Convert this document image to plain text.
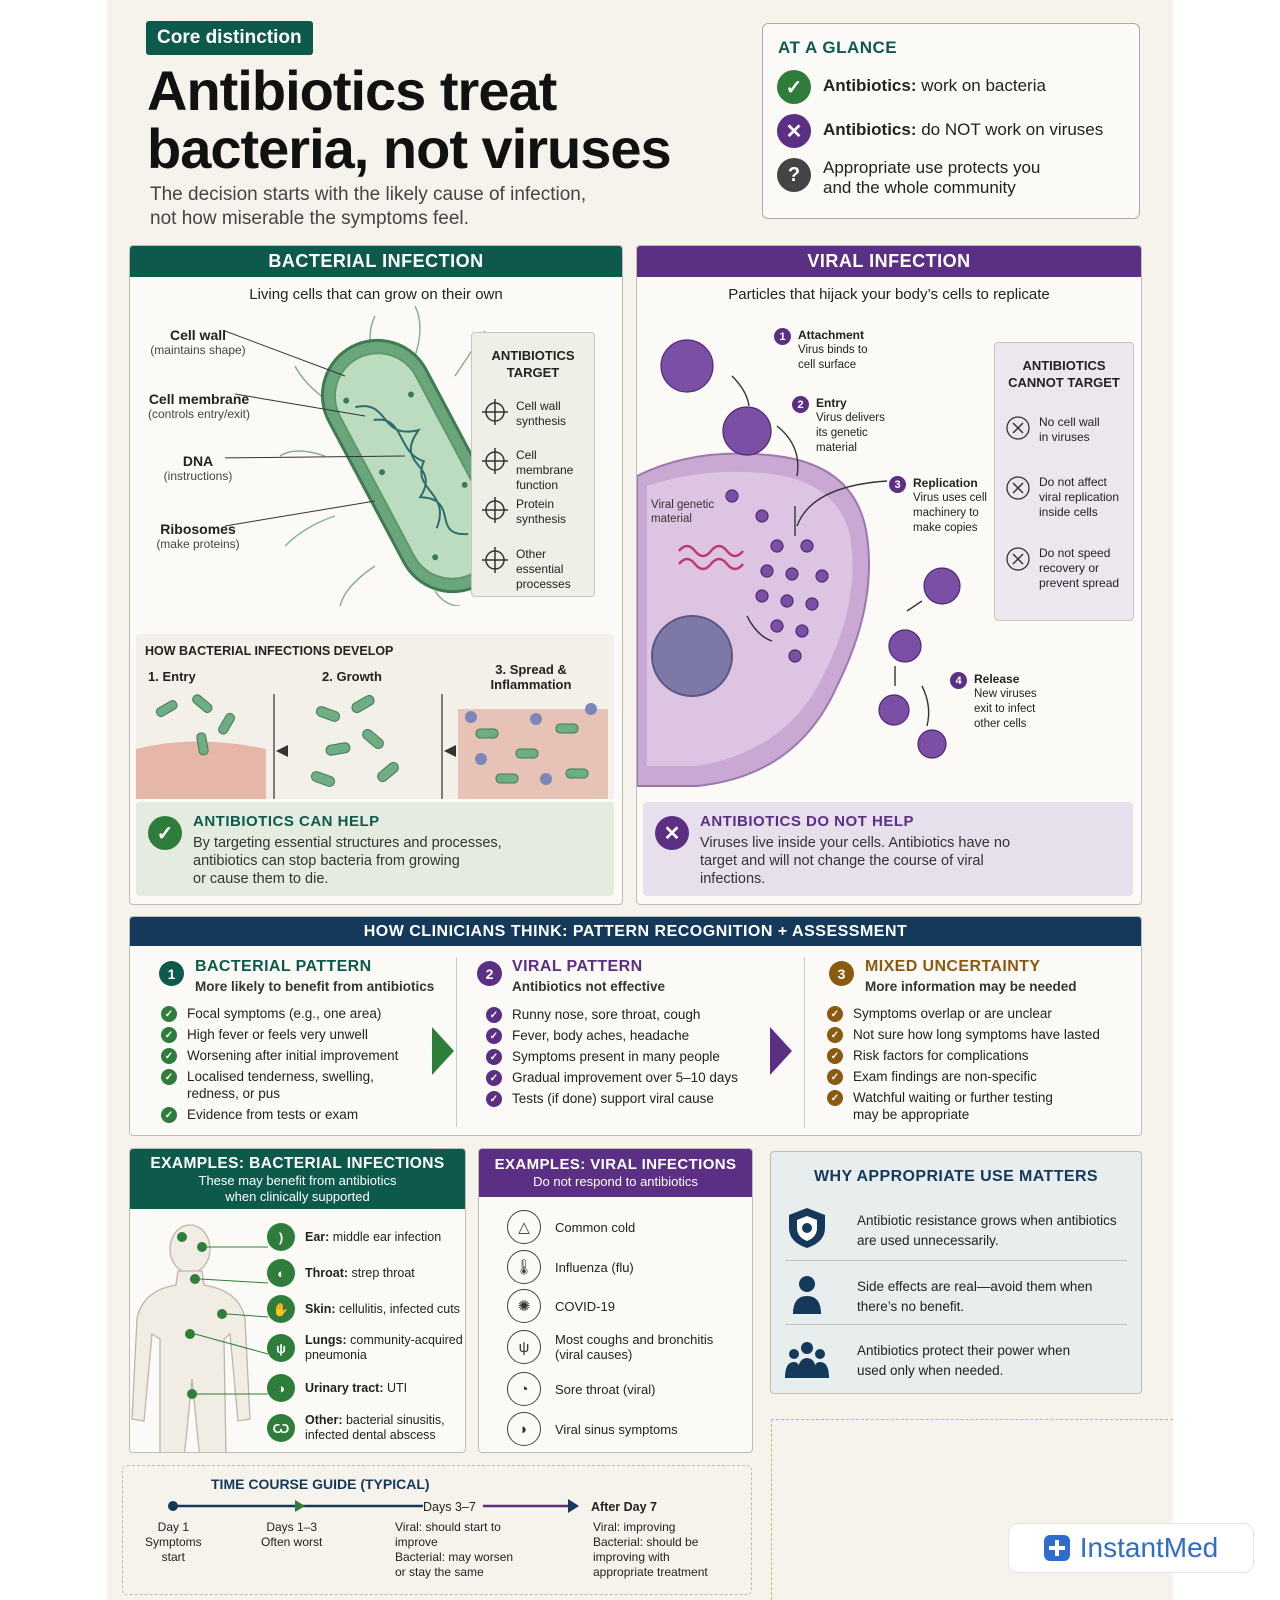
Core distinction
Antibiotics treat
bacteria, not viruses
The decision starts with the likely cause of infection,
not how miserable the symptoms feel.
AT A GLANCE
✓	Antibiotics: work on bacteria
✕	Antibiotics: do NOT work on viruses
?	Appropriate use protects you
and the whole community
BACTERIAL INFECTION
Living cells that can grow on their own
Cell wall
(maintains shape)
Cell membrane
(controls entry/exit)
DNA
(instructions)
Ribosomes
(make proteins)
ANTIBIOTICS
TARGET
Cell wall
synthesis
Cell membrane
function
Protein
synthesis
Other essential
processes
HOW BACTERIAL INFECTIONS DEVELOP
1. Entry	2. Growth	3. Spread &
Inflammation
✓
ANTIBIOTICS CAN HELP

By targeting essential structures and processes,
antibiotics can stop bacteria from growing
or cause them to die.

VIRAL INFECTION
Particles that hijack your body’s cells to replicate
Viral genetic
material
1	Attachment
Virus binds to
cell surface
2	Entry
Virus delivers
its genetic
material
3	Replication
Virus uses cell
machinery to
make copies
4	Release
New viruses
exit to infect
other cells
ANTIBIOTICS
CANNOT TARGET
No cell wall
in viruses
Do not affect
viral replication
inside cells
Do not speed
recovery or
prevent spread
✕
ANTIBIOTICS DO NOT HELP

Viruses live inside your cells. Antibiotics have no
target and will not change the course of viral
infections.

HOW CLINICIANS THINK: PATTERN RECOGNITION + ASSESSMENT
1	BACTERIAL PATTERN
More likely to benefit from antibiotics
✓ Focal symptoms (e.g., one area)
✓ High fever or feels very unwell
✓ Worsening after initial improvement
✓ Localised tenderness, swelling,
redness, or pus
✓ Evidence from tests or exam
2	VIRAL PATTERN
Antibiotics not effective
✓ Runny nose, sore throat, cough
✓ Fever, body aches, headache
✓ Symptoms present in many people
✓ Gradual improvement over 5–10 days
✓ Tests (if done) support viral cause
3	MIXED UNCERTAINTY
More information may be needed
✓ Symptoms overlap or are unclear
✓ Not sure how long symptoms have lasted
✓ Risk factors for complications
✓ Exam findings are non-specific
✓ Watchful waiting or further testing
may be appropriate
EXAMPLES: BACTERIAL INFECTIONS
These may benefit from antibiotics
when clinically supported
)	Ear: middle ear infection
◐	Throat: strep throat
✋	Skin: cellulitis, infected cuts
ψ
Lungs: community-acquired
pneumonia
◑	Urinary tract: UTI
Ѡ
Other: bacterial sinusitis,
infected dental abscess
EXAMPLES: VIRAL INFECTIONS
Do not respond to antibiotics
△	Common cold
🌡	Influenza (flu)
✺	COVID-19
ψ	Most coughs and bronchitis
(viral causes)
◔	Sore throat (viral)
◗	Viral sinus symptoms
WHY APPROPRIATE USE MATTERS
Antibiotic resistance grows when antibiotics
are used unnecessarily.
Side effects are real—avoid them when
there’s no benefit.
Antibiotics protect their power when
used only when needed.
TIME COURSE GUIDE (TYPICAL)
Days 3–7	After Day 7
Day 1
Symptoms
start
Days 1–3
Often worst
Viral: should start to
improve
Bacterial: may worsen
or stay the same
Viral: improving
Bacterial: should be
improving with
appropriate treatment
InstantMed
